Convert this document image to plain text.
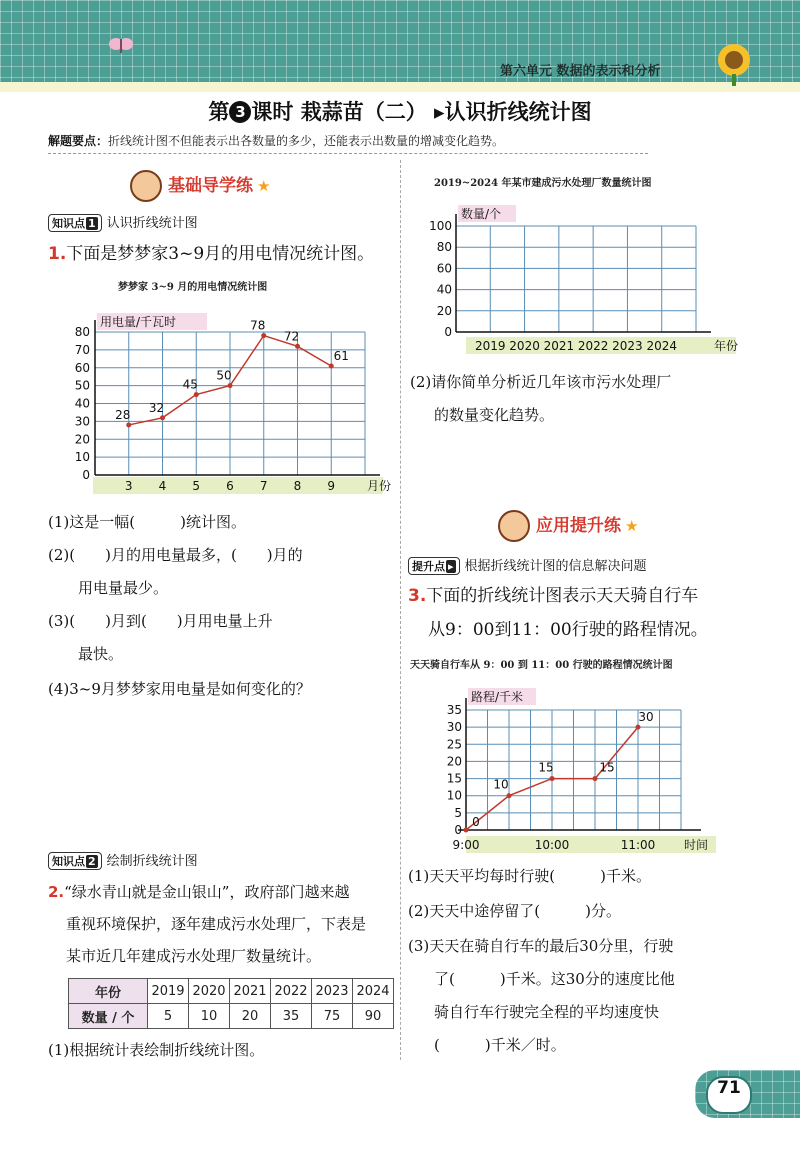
第六单元 数据的表示和分析
第 3 课时 栽蒜苗（二） ▸认识折线统计图
解题要点：折线统计图不但能表示出各数量的多少，还能表示出数量的增减变化趋势。
基础导学练 ★
知识点 1 认识折线统计图
1.下面是梦梦家3~9月的用电情况统计图。
梦梦家 3~9 月的用电情况统计图
0
10
20
30
40
50
60
70
80
用电量/千瓦时
月份
3 4 5 6 7 8 9
28
32
45
50
78
72
61
(1)这是一幅(　　　)统计图。
(2)(　　)月的用电量最多，(　　)月的
用电量最少。
(3)(　　)月到(　　)月用电量上升
最快。
(4)3~9月梦梦家用电量是如何变化的？
知识点 2 绘制折线统计图
2.“绿水青山就是金山银山”，政府部门越来越
重视环境保护，逐年建成污水处理厂，下表是
某市近几年建成污水处理厂数量统计。
年份	2019	2020	2021	2022	2023	2024
数量 / 个	5	10	20	35	75	90
(1)根据统计表绘制折线统计图。
2019~2024 年某市建成污水处理厂数量统计图
0
20
40
60
80
100
数量/个
年份
2019 2020 2021 2022 2023 2024
(2)请你简单分析近几年该市污水处理厂
的数量变化趋势。
应用提升练 ★
提升点 ▸ 根据折线统计图的信息解决问题
3.下面的折线统计图表示天天骑自行车
从9：00到11：00行驶的路程情况。
天天骑自行车从 9：00 到 11：00 行驶的路程情况统计图
0
5
10
15
20
25
30
35
路程/千米
时间
9:00	10:00	11:00
0
10
15	15
30
(1)天天平均每时行驶(　　　)千米。
(2)天天中途停留了(　　　)分。
(3)天天在骑自行车的最后30分里，行驶
了(　　　)千米。这30分的速度比他
骑自行车行驶完全程的平均速度快
(　　　)千米／时。
71
